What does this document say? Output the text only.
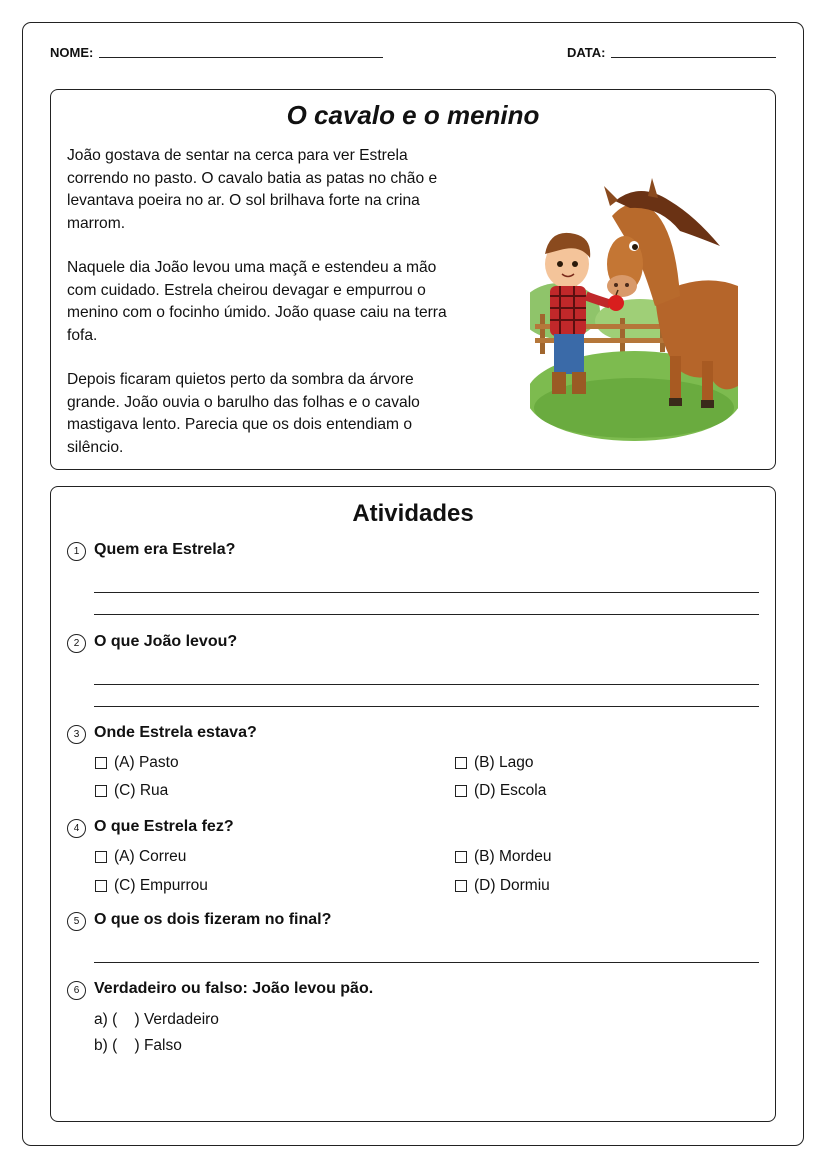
NOME:	DATA:
O cavalo e o menino
João gostava de sentar na cerca para ver Estrela
correndo no pasto. O cavalo batia as patas no chão e
levantava poeira no ar. O sol brilhava forte na crina
marrom.
Naquele dia João levou uma maçã e estendeu a mão
com cuidado. Estrela cheirou devagar e empurrou o
menino com o focinho úmido. João quase caiu na terra
fofa.
Depois ficaram quietos perto da sombra da árvore
grande. João ouvia o barulho das folhas e o cavalo
mastigava lento. Parecia que os dois entendiam o
silêncio.
Atividades
1 Quem era Estrela?
2 O que João levou?
3 Onde Estrela estava?
(A) Pasto	(B) Lago
(C) Rua	(D) Escola
4 O que Estrela fez?
(A) Correu	(B) Mordeu
(C) Empurrou	(D) Dormiu
5 O que os dois fizeram no final?
6 Verdadeiro ou falso: João levou pão.
a) (    ) Verdadeiro
b) (    ) Falso
